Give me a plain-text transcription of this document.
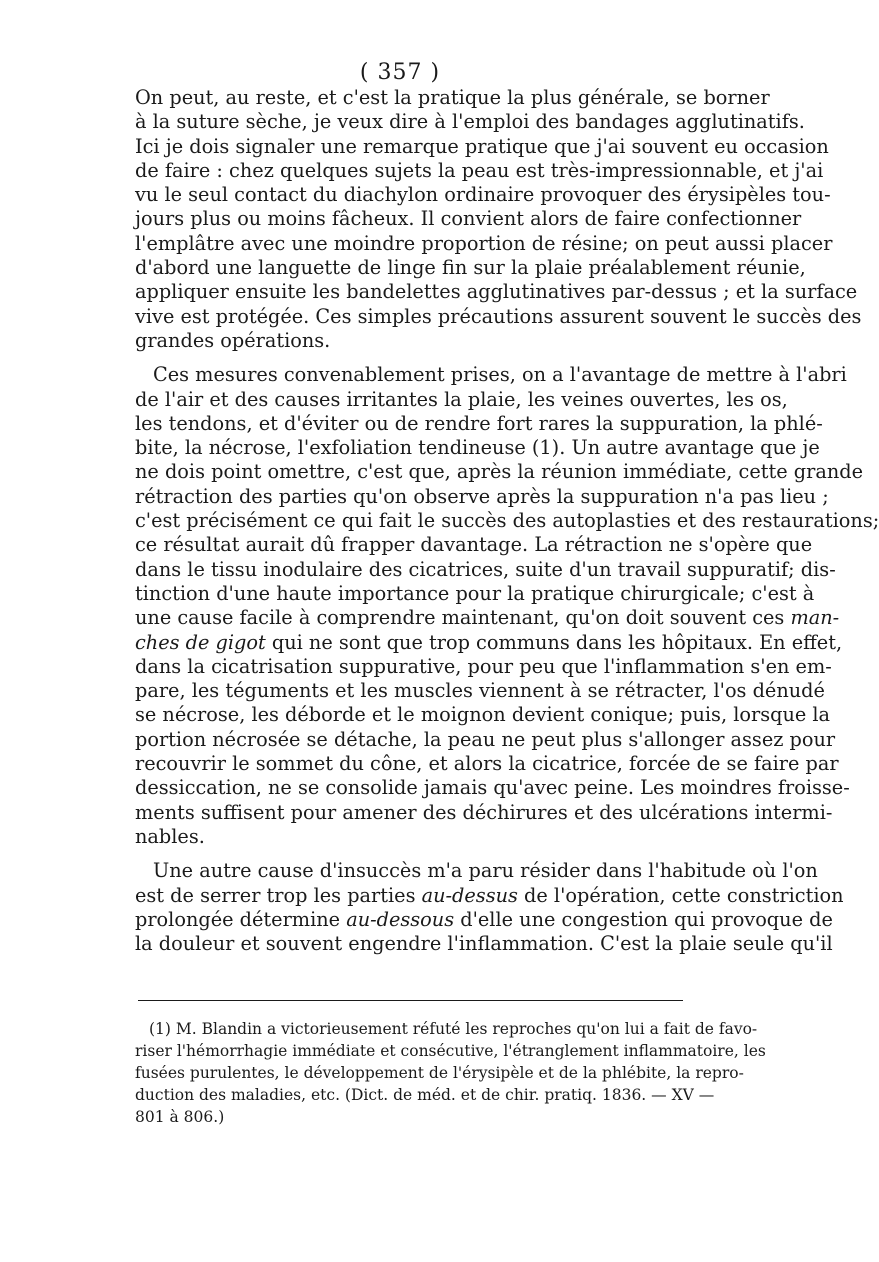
( 357 )
On peut, au reste, et c'est la pratique la plus générale, se borner
à la suture sèche, je veux dire à l'emploi des bandages agglutinatifs.
Ici je dois signaler une remarque pratique que j'ai souvent eu occasion
de faire : chez quelques sujets la peau est très-impressionnable, et j'ai
vu le seul contact du diachylon ordinaire provoquer des érysipèles tou-
jours plus ou moins fâcheux. Il convient alors de faire confectionner
l'emplâtre avec une moindre proportion de résine; on peut aussi placer
d'abord une languette de linge fin sur la plaie préalablement réunie,
appliquer ensuite les bandelettes agglutinatives par-dessus ; et la surface
vive est protégée. Ces simples précautions assurent souvent le succès des
grandes opérations.
Ces mesures convenablement prises, on a l'avantage de mettre à l'abri
de l'air et des causes irritantes la plaie, les veines ouvertes, les os,
les tendons, et d'éviter ou de rendre fort rares la suppuration, la phlé-
bite, la nécrose, l'exfoliation tendineuse (1). Un autre avantage que je
ne dois point omettre, c'est que, après la réunion immédiate, cette grande
rétraction des parties qu'on observe après la suppuration n'a pas lieu ;
c'est précisément ce qui fait le succès des autoplasties et des restaurations;
ce résultat aurait dû frapper davantage. La rétraction ne s'opère que
dans le tissu inodulaire des cicatrices, suite d'un travail suppuratif; dis-
tinction d'une haute importance pour la pratique chirurgicale; c'est à
une cause facile à comprendre maintenant, qu'on doit souvent ces man-
ches de gigot qui ne sont que trop communs dans les hôpitaux. En effet,
dans la cicatrisation suppurative, pour peu que l'inflammation s'en em-
pare, les téguments et les muscles viennent à se rétracter, l'os dénudé
se nécrose, les déborde et le moignon devient conique; puis, lorsque la
portion nécrosée se détache, la peau ne peut plus s'allonger assez pour
recouvrir le sommet du cône, et alors la cicatrice, forcée de se faire par
dessiccation, ne se consolide jamais qu'avec peine. Les moindres froisse-
ments suffisent pour amener des déchirures et des ulcérations intermi-
nables.
Une autre cause d'insuccès m'a paru résider dans l'habitude où l'on
est de serrer trop les parties au-dessus de l'opération, cette constriction
prolongée détermine au-dessous d'elle une congestion qui provoque de
la douleur et souvent engendre l'inflammation. C'est la plaie seule qu'il
(1) M. Blandin a victorieusement réfuté les reproches qu'on lui a fait de favo-
riser l'hémorrhagie immédiate et consécutive, l'étranglement inflammatoire, les
fusées purulentes, le développement de l'érysipèle et de la phlébite, la repro-
duction des maladies, etc. (Dict. de méd. et de chir. pratiq. 1836. — XV —
801 à 806.)
